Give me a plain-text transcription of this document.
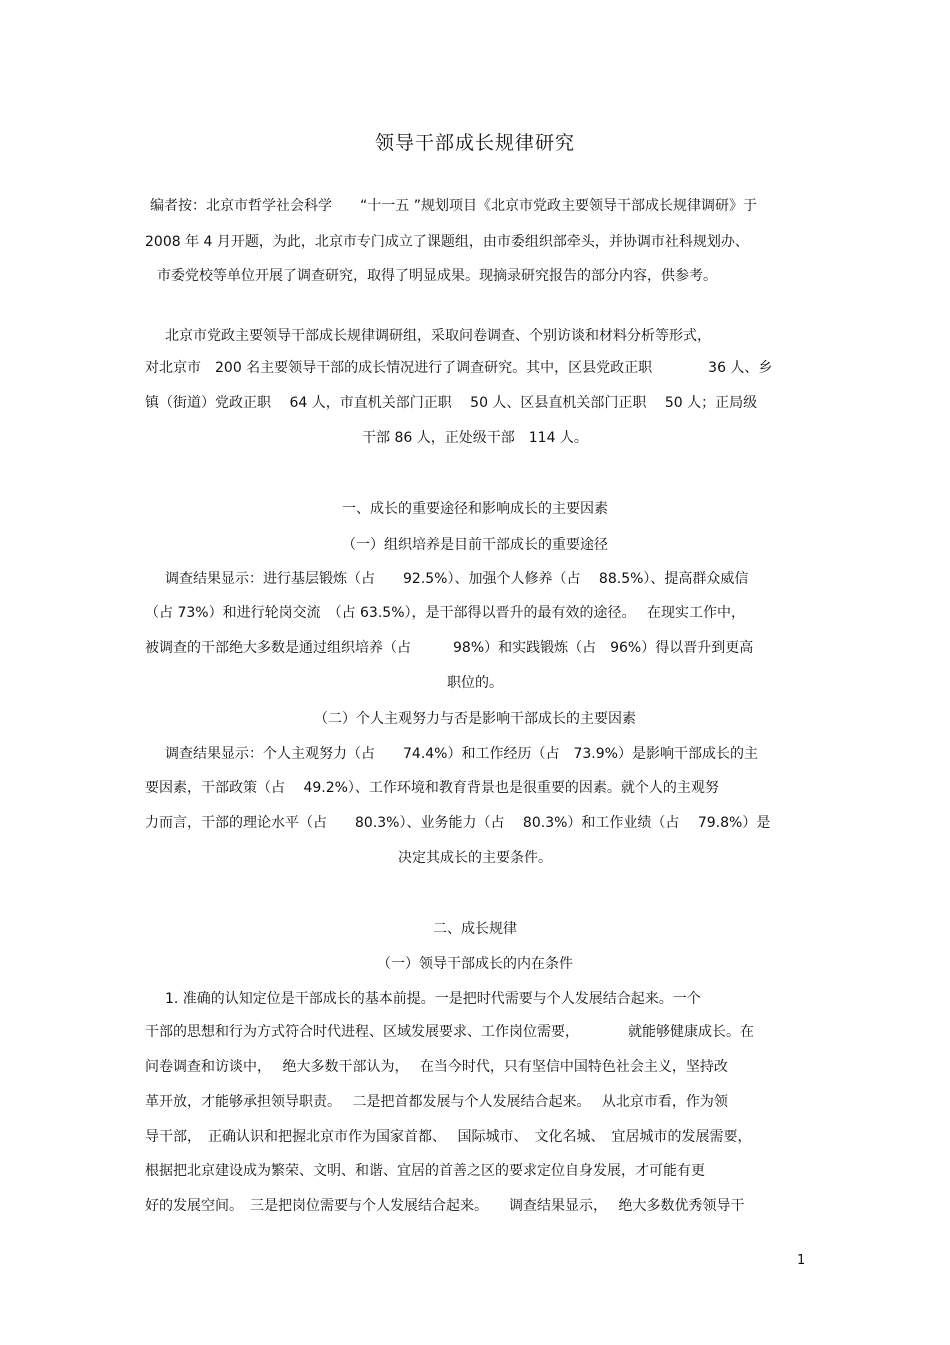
领导干部成长规律研究
编者按：北京市哲学社会科学　　“十一五 ”规划项目《北京市党政主要领导干部成长规律调研》于
2008 年 4 月开题，为此，北京市专门成立了课题组，由市委组织部牵头，并协调市社科规划办、
市委党校等单位开展了调查研究，取得了明显成果。现摘录研究报告的部分内容，供参考。
北京市党政主要领导干部成长规律调研组，采取问卷调查、个别访谈和材料分析等形式，
对北京市　200 名主要领导干部的成长情况进行了调查研究。其中，区县党政正职　　　　36 人、乡
镇（街道）党政正职　 64 人，市直机关部门正职　 50 人、区县直机关部门正职　 50 人；正局级
干部 86 人，正处级干部　114 人。
一、成长的重要途径和影响成长的主要因素
（一）组织培养是目前干部成长的重要途径
调查结果显示：进行基层锻炼（占　　92.5%）、加强个人修养（占　 88.5%）、提高群众威信
（占 73%）和进行轮岗交流　（占 63.5%），是干部得以晋升的最有效的途径。　 在现实工作中，
被调查的干部绝大多数是通过组织培养（占　　　98%）和实践锻炼（占　96%）得以晋升到更高
职位的。
（二）个人主观努力与否是影响干部成长的主要因素
调查结果显示：个人主观努力（占　　74.4%）和工作经历（占　73.9%）是影响干部成长的主
要因素，干部政策（占　 49.2%）、工作环境和教育背景也是很重要的因素。就个人的主观努
力而言，干部的理论水平（占　　80.3%）、业务能力（占　 80.3%）和工作业绩（占　 79.8%）是
决定其成长的主要条件。
二、成长规律
（一）领导干部成长的内在条件
1. 准确的认知定位是干部成长的基本前提。一是把时代需要与个人发展结合起来。一个
干部的思想和行为方式符合时代进程、区域发展要求、工作岗位需要，　　　　就能够健康成长。在
问卷调查和访谈中，　 绝大多数干部认为，　 在当今时代，只有坚信中国特色社会主义，坚持改
革开放，才能够承担领导职责。　 二是把首都发展与个人发展结合起来。　 从北京市看，作为领
导干部，　正确认识和把握北京市作为国家首都、　 国际城市、　文化名城、　宜居城市的发展需要，
根据把北京建设成为繁荣、文明、和谐、宜居的首善之区的要求定位自身发展，才可能有更
好的发展空间。　三是把岗位需要与个人发展结合起来。　　调查结果显示，　 绝大多数优秀领导干
1
